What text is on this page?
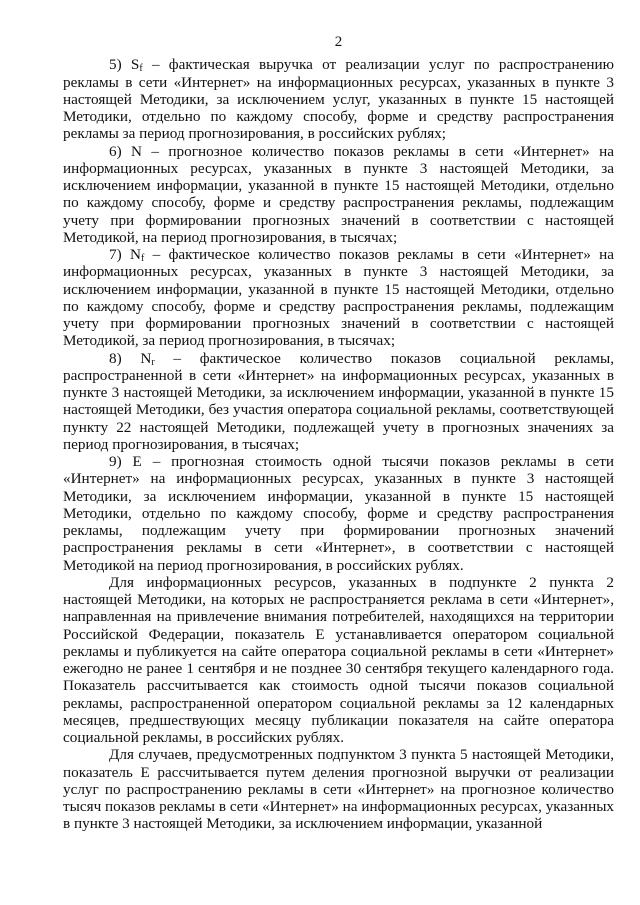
2

5) $S_f$ – фактическая выручка от реализации услуг по распространению рекламы в сети «Интернет» на информационных ресурсах, указанных в пункте 3 настоящей Методики, за исключением услуг, указанных в пункте 15 настоящей Методики, отдельно по каждому способу, форме и средству распространения рекламы за период прогнозирования, в российских рублях;

6) N – прогнозное количество показов рекламы в сети «Интернет» на информационных ресурсах, указанных в пункте 3 настоящей Методики, за исключением информации, указанной в пункте 15 настоящей Методики, отдельно по каждому способу, форме и средству распространения рекламы, подлежащим учету при формировании прогнозных значений в соответствии с настоящей Методикой, на период прогнозирования, в тысячах;

7) $N_f$ – фактическое количество показов рекламы в сети «Интернет» на информационных ресурсах, указанных в пункте 3 настоящей Методики, за исключением информации, указанной в пункте 15 настоящей Методики, отдельно по каждому способу, форме и средству распространения рекламы, подлежащим учету при формировании прогнозных значений в соответствии с настоящей Методикой, за период прогнозирования, в тысячах;

8) $N_r$ – фактическое количество показов социальной рекламы, распространенной в сети «Интернет» на информационных ресурсах, указанных в пункте 3 настоящей Методики, за исключением информации, указанной в пункте 15 настоящей Методики, без участия оператора социальной рекламы, соответствующей пункту 22 настоящей Методики, подлежащей учету в прогнозных значениях за период прогнозирования, в тысячах;

9) E – прогнозная стоимость одной тысячи показов рекламы в сети «Интернет» на информационных ресурсах, указанных в пункте 3 настоящей Методики, за исключением информации, указанной в пункте 15 настоящей Методики, отдельно по каждому способу, форме и средству распространения рекламы, подлежащим учету при формировании прогнозных значений распространения рекламы в сети «Интернет», в соответствии с настоящей Методикой на период прогнозирования, в российских рублях.

Для информационных ресурсов, указанных в подпункте 2 пункта 2 настоящей Методики, на которых не распространяется реклама в сети «Интернет», направленная на привлечение внимания потребителей, находящихся на территории Российской Федерации, показатель E устанавливается оператором социальной рекламы и публикуется на сайте оператора социальной рекламы в сети «Интернет» ежегодно не ранее 1 сентября и не позднее 30 сентября текущего календарного года. Показатель рассчитывается как стоимость одной тысячи показов социальной рекламы, распространенной оператором социальной рекламы за 12 календарных месяцев, предшествующих месяцу публикации показателя на сайте оператора социальной рекламы, в российских рублях.

Для случаев, предусмотренных подпунктом 3 пункта 5 настоящей Методики, показатель E рассчитывается путем деления прогнозной выручки от реализации услуг по распространению рекламы в сети «Интернет» на прогнозное количество тысяч показов рекламы в сети «Интернет» на информационных ресурсах, указанных в пункте 3 настоящей Методики, за исключением информации, указанной
